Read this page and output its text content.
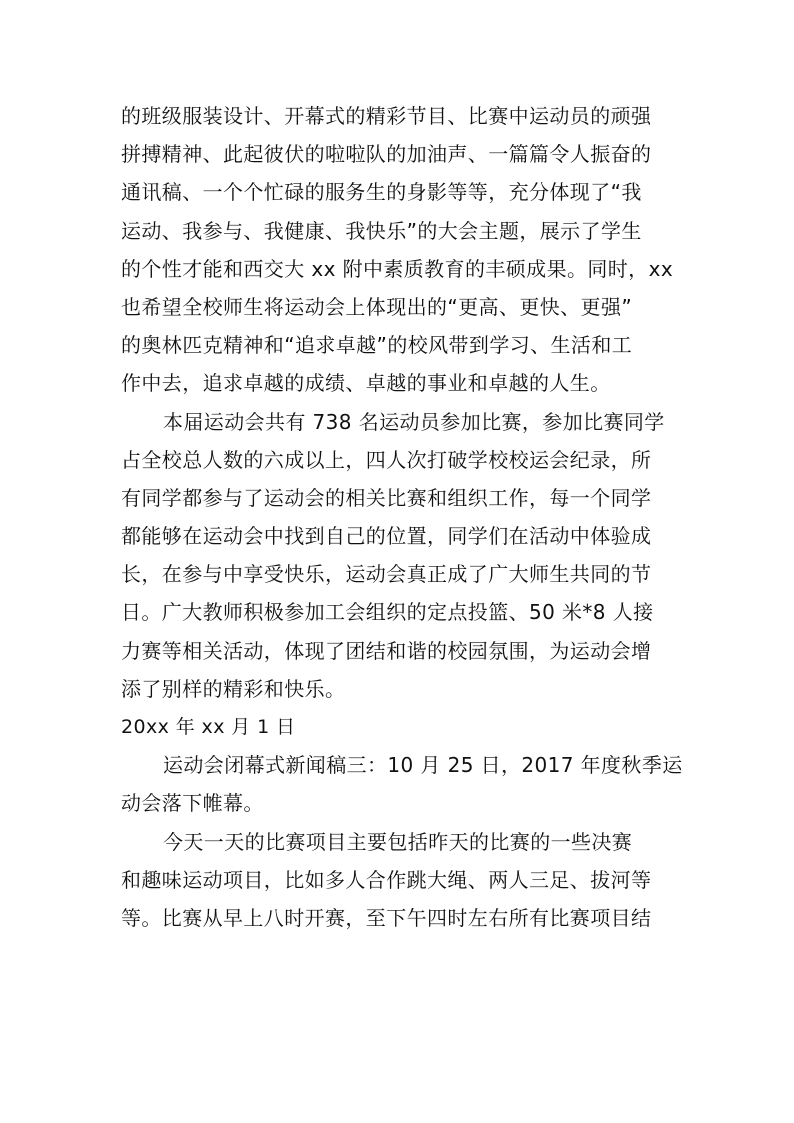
的班级服装设计、开幕式的精彩节目、比赛中运动员的顽强
拼搏精神、此起彼伏的啦啦队的加油声、一篇篇令人振奋的
通讯稿、一个个忙碌的服务生的身影等等，充分体现了“我
运动、我参与、我健康、我快乐”的大会主题，展示了学生
的个性才能和西交大 xx 附中素质教育的丰硕成果。同时，xx
也希望全校师生将运动会上体现出的“更高、更快、更强”
的奥林匹克精神和“追求卓越”的校风带到学习、生活和工
作中去，追求卓越的成绩、卓越的事业和卓越的人生。
本届运动会共有 738 名运动员参加比赛，参加比赛同学
占全校总人数的六成以上，四人次打破学校校运会纪录，所
有同学都参与了运动会的相关比赛和组织工作，每一个同学
都能够在运动会中找到自己的位置，同学们在活动中体验成
长，在参与中享受快乐，运动会真正成了广大师生共同的节
日。广大教师积极参加工会组织的定点投篮、50 米*8 人接
力赛等相关活动，体现了团结和谐的校园氛围，为运动会增
添了别样的精彩和快乐。
20xx 年 xx 月 1 日
运动会闭幕式新闻稿三：10 月 25 日，2017 年度秋季运
动会落下帷幕。
今天一天的比赛项目主要包括昨天的比赛的一些决赛
和趣味运动项目，比如多人合作跳大绳、两人三足、拔河等
等。比赛从早上八时开赛，至下午四时左右所有比赛项目结
